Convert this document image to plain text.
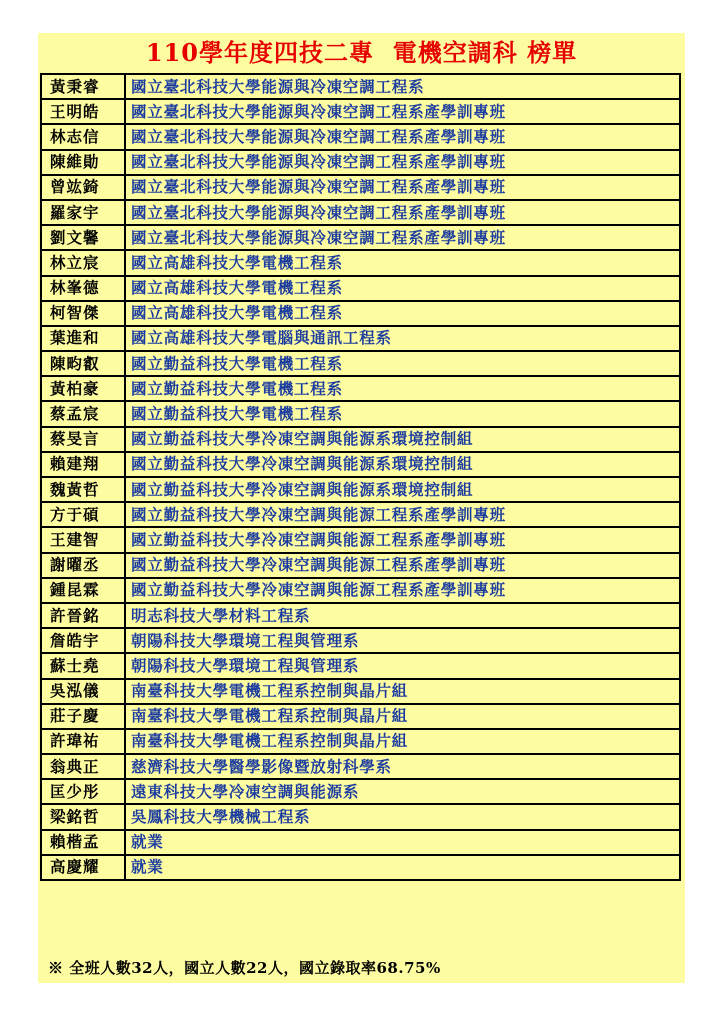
110學年度四技二專  電機空調科 榜單
黃秉睿	國立臺北科技大學能源與冷凍空調工程系
王明皓	國立臺北科技大學能源與冷凍空調工程系產學訓專班
林志信	國立臺北科技大學能源與冷凍空調工程系產學訓專班
陳維勛	國立臺北科技大學能源與冷凍空調工程系產學訓專班
曾竑錡	國立臺北科技大學能源與冷凍空調工程系產學訓專班
羅家宇	國立臺北科技大學能源與冷凍空調工程系產學訓專班
劉文馨	國立臺北科技大學能源與冷凍空調工程系產學訓專班
林立宸	國立高雄科技大學電機工程系
林峯德	國立高雄科技大學電機工程系
柯智傑	國立高雄科技大學電機工程系
葉進和	國立高雄科技大學電腦與通訊工程系
陳畇叡	國立勤益科技大學電機工程系
黃柏豪	國立勤益科技大學電機工程系
蔡孟宸	國立勤益科技大學電機工程系
蔡旻言	國立勤益科技大學冷凍空調與能源系環境控制組
賴建翔	國立勤益科技大學冷凍空調與能源系環境控制組
魏黃哲	國立勤益科技大學冷凍空調與能源系環境控制組
方于碩	國立勤益科技大學冷凍空調與能源工程系產學訓專班
王建智	國立勤益科技大學冷凍空調與能源工程系產學訓專班
謝曜丞	國立勤益科技大學冷凍空調與能源工程系產學訓專班
鍾昆霖	國立勤益科技大學冷凍空調與能源工程系產學訓專班
許晉銘	明志科技大學材料工程系
詹皓宇	朝陽科技大學環境工程與管理系
蘇士堯	朝陽科技大學環境工程與管理系
吳泓儀	南臺科技大學電機工程系控制與晶片組
莊子慶	南臺科技大學電機工程系控制與晶片組
許瑋祐	南臺科技大學電機工程系控制與晶片組
翁典正	慈濟科技大學醫學影像暨放射科學系
匡少彤	遠東科技大學冷凍空調與能源系
梁銘哲	吳鳳科技大學機械工程系
賴楷孟	就業
高慶耀	就業
※ 全班人數32人，國立人數22人，國立錄取率68.75%
